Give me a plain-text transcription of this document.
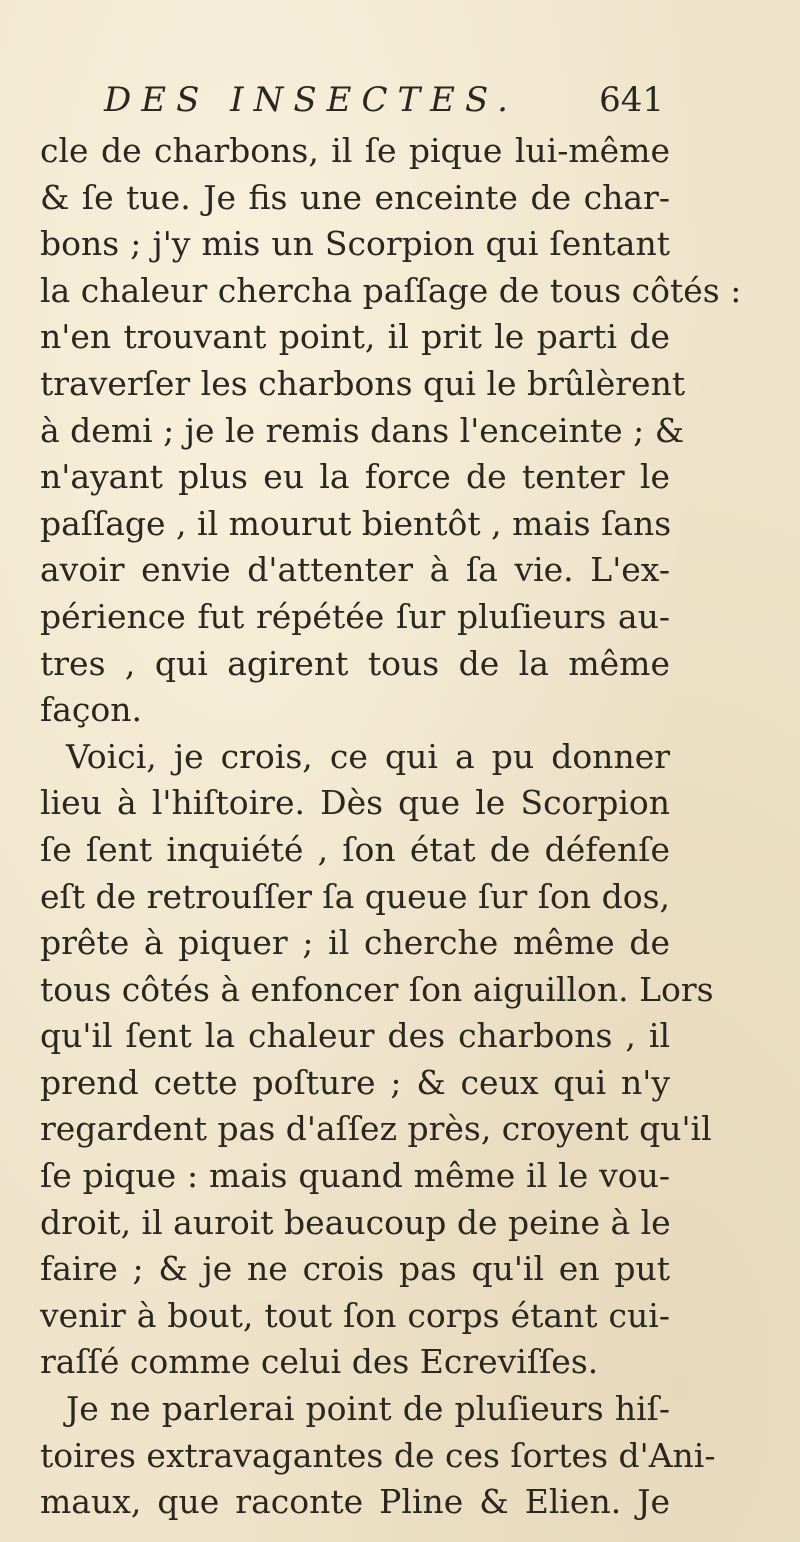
DES INSECTES. 641
cle de charbons, il ſe pique lui-même
& ſe tue. Je fis une enceinte de char-
bons ; j'y mis un Scorpion qui ſentant
la chaleur chercha paſſage de tous côtés :
n'en trouvant point, il prit le parti de
traverſer les charbons qui le brûlèrent
à demi ; je le remis dans l'enceinte ; &
n'ayant plus eu la force de tenter le
paſſage , il mourut bientôt , mais ſans
avoir envie d'attenter à ſa vie. L'ex-
périence fut répétée ſur pluſieurs au-
tres , qui agirent tous de la même
façon.
Voici, je crois, ce qui a pu donner
lieu à l'hiſtoire. Dès que le Scorpion
ſe ſent inquiété , ſon état de défenſe
eſt de retrouſſer ſa queue ſur ſon dos,
prête à piquer ; il cherche même de
tous côtés à enfoncer ſon aiguillon. Lors
qu'il ſent la chaleur des charbons , il
prend cette poſture ; & ceux qui n'y
regardent pas d'aſſez près, croyent qu'il
ſe pique : mais quand même il le vou-
droit, il auroit beaucoup de peine à le
faire ; & je ne crois pas qu'il en put
venir à bout, tout ſon corps étant cui-
raſſé comme celui des Ecreviſſes.
Je ne parlerai point de pluſieurs hiſ-
toires extravagantes de ces ſortes d'Ani-
maux, que raconte Pline & Elien. Je
